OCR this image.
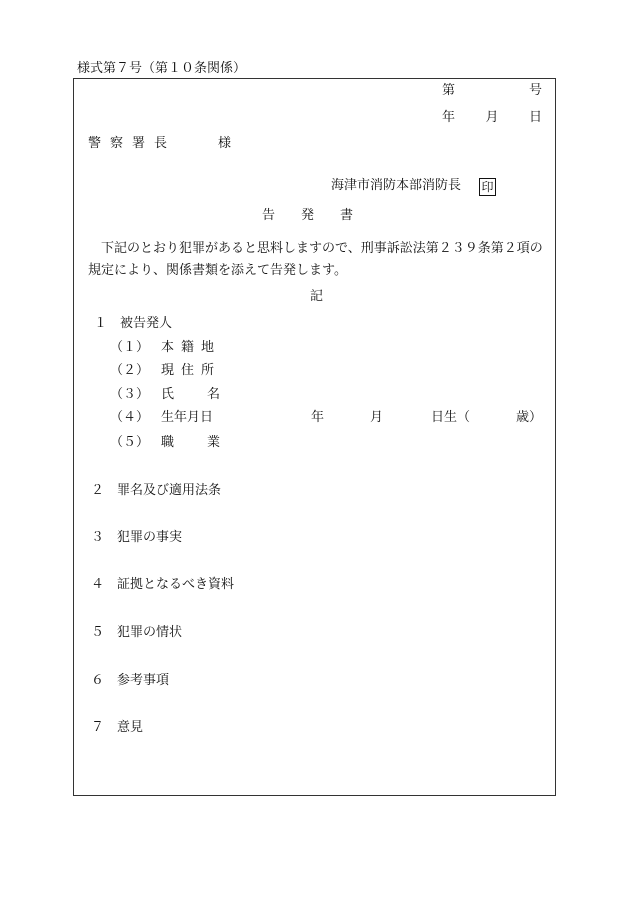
様式第７号（第１０条関係）
第	号
年 月 日
警察署長	様
海津市消防本部消防長 印
告発書
下記のとおり犯罪があると思料しますので、刑事訴訟法第２３９条第２項の規定により、関係書類を添えて告発します。
記
１　被告発人
（１） 本籍地
（２） 現住所
（３） 氏名
（４） 生年月日	年	月	日生（	歳）
（５） 職業
２　罪名及び適用法条
３　犯罪の事実
４　証拠となるべき資料
５　犯罪の情状
６　参考事項
７　意見
